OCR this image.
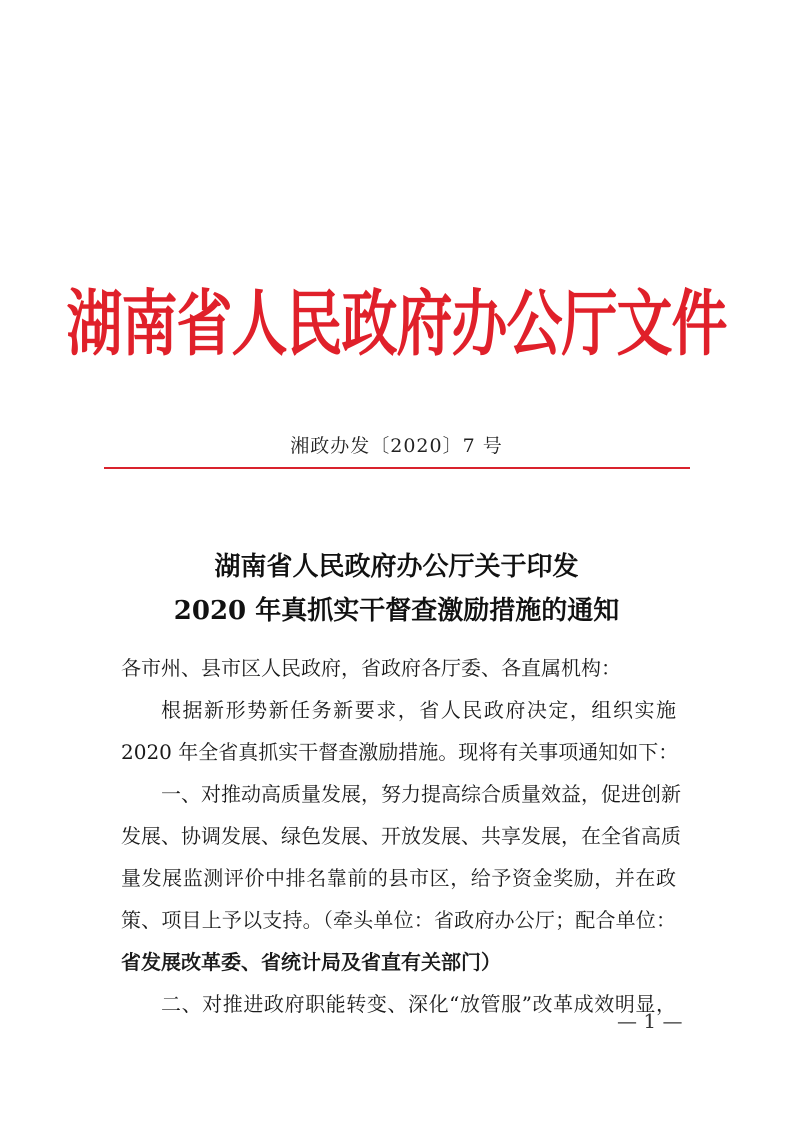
湖南省人民政府办公厅文件
湘政办发〔2020〕7 号
湖南省人民政府办公厅关于印发
2020 年真抓实干督查激励措施的通知
各市州、县市区人民政府，省政府各厅委、各直属机构：
根据新形势新任务新要求，省人民政府决定，组织实施
2020 年全省真抓实干督查激励措施。现将有关事项通知如下：
一、对推动高质量发展，努力提高综合质量效益，促进创新
发展、协调发展、绿色发展、开放发展、共享发展，在全省高质
量发展监测评价中排名靠前的县市区，给予资金奖励，并在政
策、项目上予以支持。（牵头单位：省政府办公厅；配合单位：
省发展改革委、省统计局及省直有关部门）
二、对推进政府职能转变、深化“放管服”改革成效明显，
— 1 —
